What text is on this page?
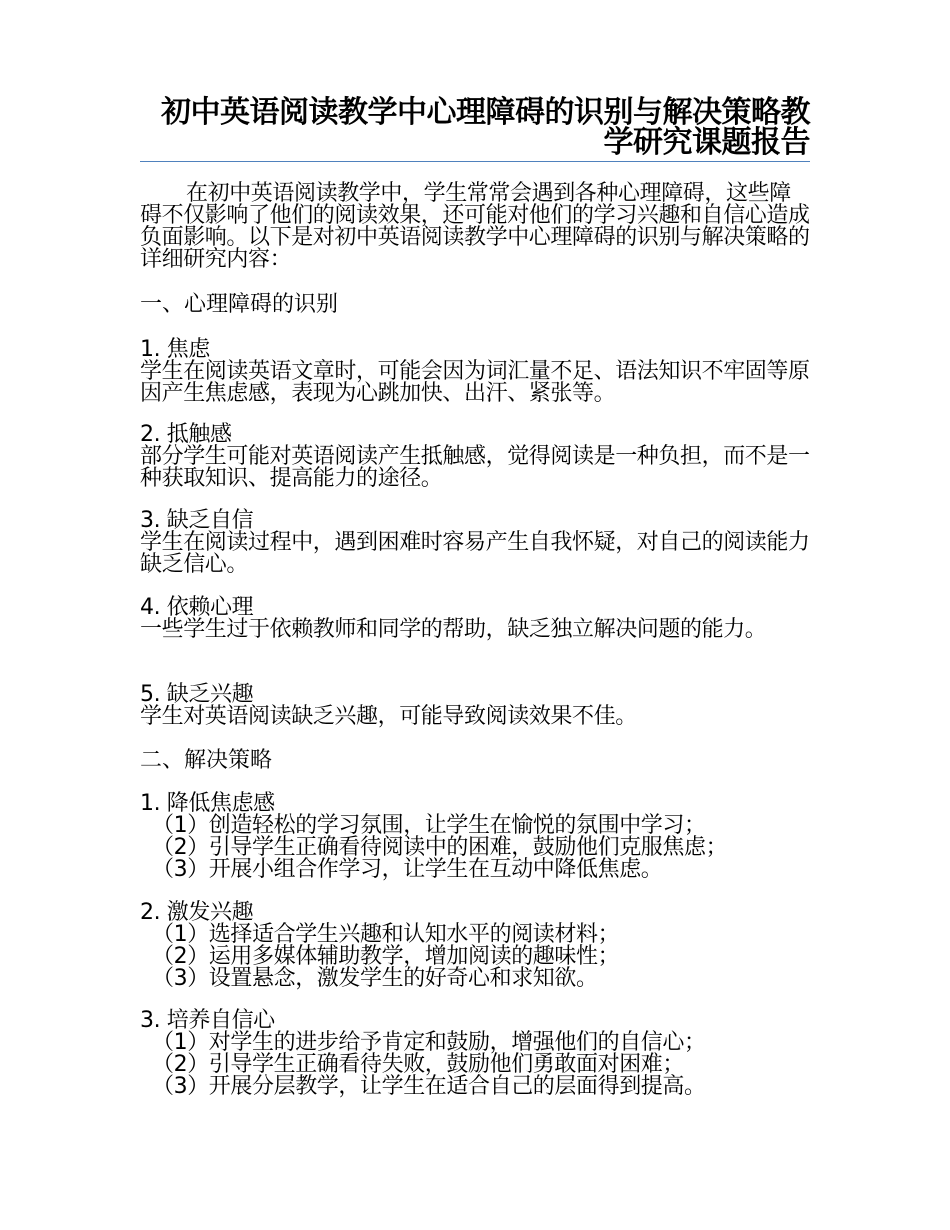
初中英语阅读教学中心理障碍的识别与解决策略教学研究课题报告

在初中英语阅读教学中，学生常常会遇到各种心理障碍，这些障碍不仅影响了他们的阅读效果，还可能对他们的学习兴趣和自信心造成负面影响。以下是对初中英语阅读教学中心理障碍的识别与解决策略的详细研究内容：

一、心理障碍的识别

1. 焦虑

学生在阅读英语文章时，可能会因为词汇量不足、语法知识不牢固等原因产生焦虑感，表现为心跳加快、出汗、紧张等。

2. 抵触感

部分学生可能对英语阅读产生抵触感，觉得阅读是一种负担，而不是一种获取知识、提高能力的途径。

3. 缺乏自信

学生在阅读过程中，遇到困难时容易产生自我怀疑，对自己的阅读能力缺乏信心。

4. 依赖心理

一些学生过于依赖教师和同学的帮助，缺乏独立解决问题的能力。

5. 缺乏兴趣

学生对英语阅读缺乏兴趣，可能导致阅读效果不佳。

二、解决策略

1. 降低焦虑感

（1）创造轻松的学习氛围，让学生在愉悦的氛围中学习；

（2）引导学生正确看待阅读中的困难，鼓励他们克服焦虑；

（3）开展小组合作学习，让学生在互动中降低焦虑。

2. 激发兴趣

（1）选择适合学生兴趣和认知水平的阅读材料；

（2）运用多媒体辅助教学，增加阅读的趣味性；

（3）设置悬念，激发学生的好奇心和求知欲。

3. 培养自信心

（1）对学生的进步给予肯定和鼓励，增强他们的自信心；

（2）引导学生正确看待失败，鼓励他们勇敢面对困难；

（3）开展分层教学，让学生在适合自己的层面得到提高。
